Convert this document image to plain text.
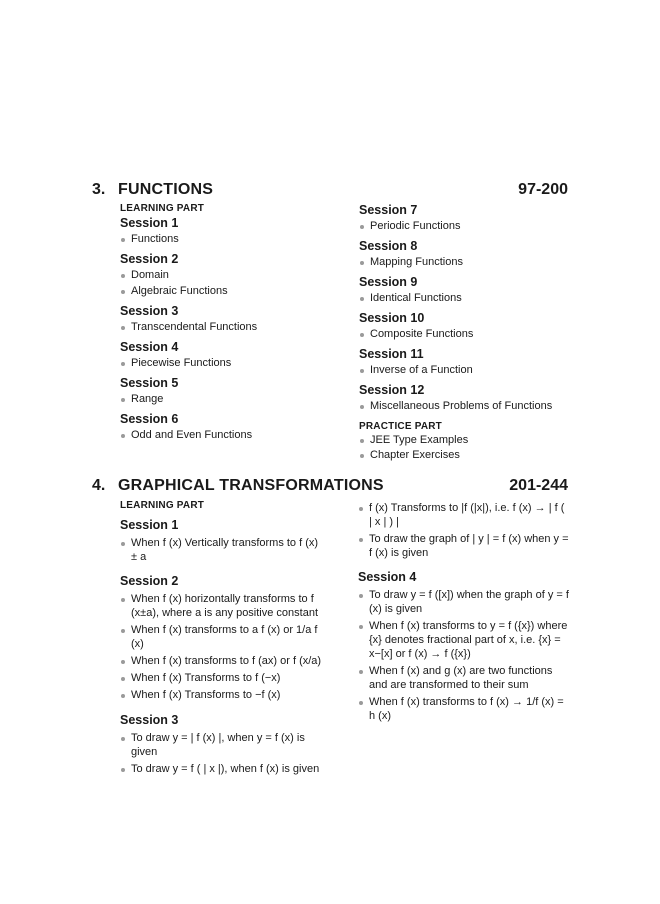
3. FUNCTIONS	97-200
LEARNING PART
Session 1
Functions
Session 2
Domain
Algebraic Functions
Session 3
Transcendental Functions
Session 4
Piecewise Functions
Session 5
Range
Session 6
Odd and Even Functions
Session 7
Periodic Functions
Session 8
Mapping Functions
Session 9
Identical Functions
Session 10
Composite Functions
Session 11
Inverse of a Function
Session 12
Miscellaneous Problems of Functions
PRACTICE PART
JEE Type Examples
Chapter Exercises
4. GRAPHICAL TRANSFORMATIONS	201-244
LEARNING PART
Session 1
When f (x) Vertically transforms to f (x) ± a
Session 2
When f (x) horizontally transforms to f (x±a), where a is any positive constant
When f (x) transforms to a f (x) or 1/a f (x)
When f (x) transforms to f (ax) or f (x/a)
When f (x) Transforms to f (−x)
When f (x) Transforms to −f (x)
Session 3
To draw y = | f (x) |, when y = f (x) is given
To draw y = f ( | x |), when f (x) is given
f (x) Transforms to |f (|x|), i.e. f (x) → | f ( | x | ) |
To draw the graph of | y | = f (x) when y = f (x) is given
Session 4
To draw y = f ([x]) when the graph of y = f (x) is given
When f (x) transforms to y = f ({x}) where {x} denotes fractional part of x, i.e. {x} = x−[x] or f (x) → f ({x})
When f (x) and g (x) are two functions and are transformed to their sum
When f (x) transforms to f (x) → 1/f (x) = h (x)
